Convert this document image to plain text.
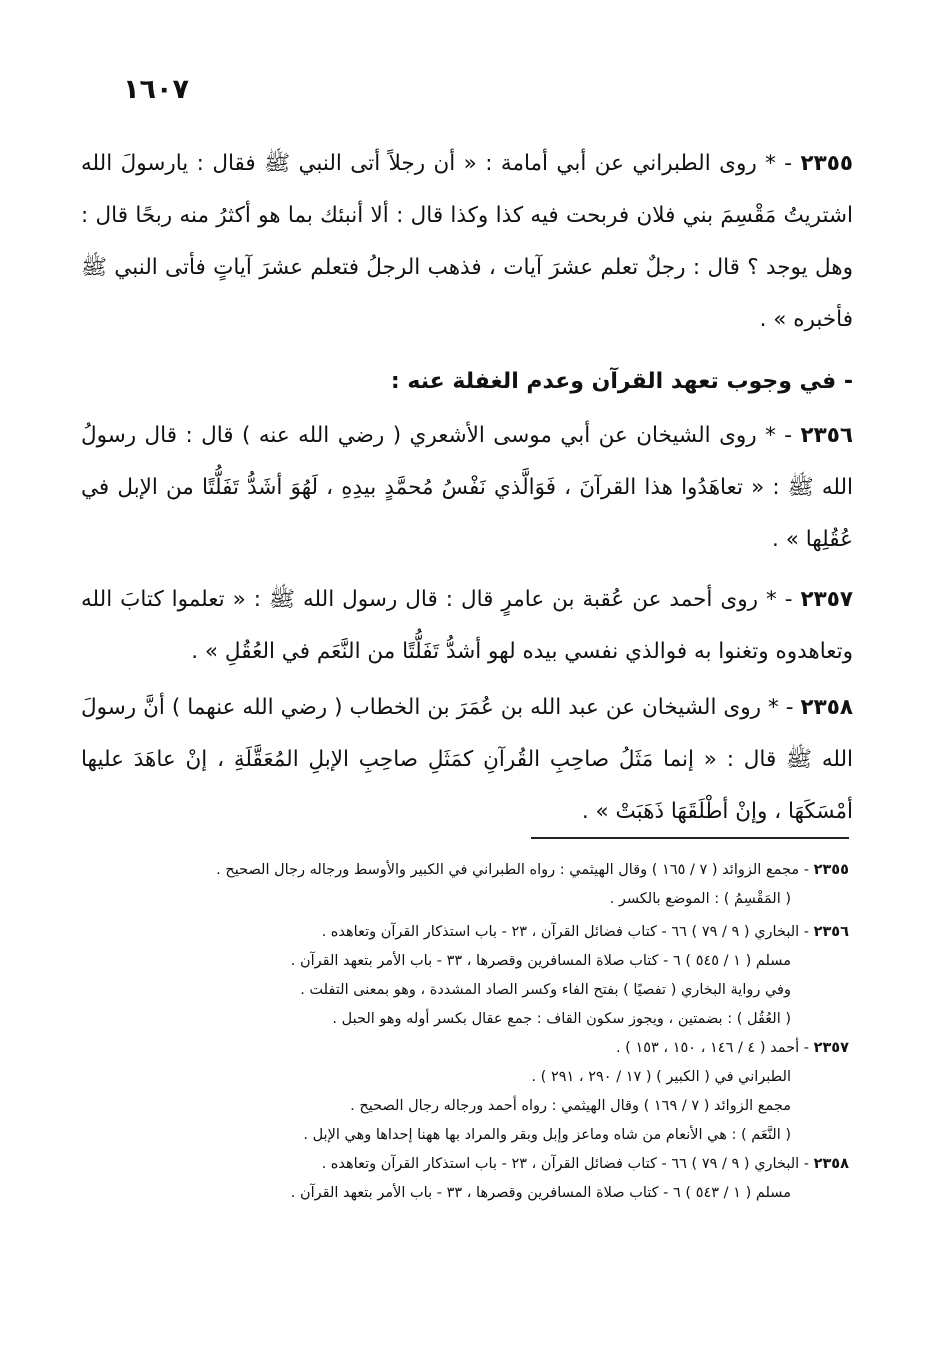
١٦٠٧

٢٣٥٥ - * روى الطبراني عن أبي أمامة : « أن رجلاً أتى النبي ﷺ فقال : يارسولَ الله اشتريتُ مَقْسِمَ بني فلان فربحت فيه كذا وكذا قال : ألا أنبئك بما هو أكثرُ منه ربحًا قال : وهل يوجد ؟ قال : رجلٌ تعلم عشرَ آيات ، فذهب الرجلُ فتعلم عشرَ آياتٍ فأتى النبي ﷺ فأخبره » .

- في وجوب تعهد القرآن وعدم الغفلة عنه :

٢٣٥٦ - * روى الشيخان عن أبي موسى الأشعري ( رضي الله عنه ) قال : قال رسولُ الله ﷺ : « تعاهَدُوا هذا القرآنَ ، فَوَالَّذي نَفْسُ مُحمَّدٍ بيدِهِ ، لَهُوَ أشَدُّ تَفَلُّتًا من الإبل في عُقُلِها » .

٢٣٥٧ - * روى أحمد عن عُقبة بن عامرٍ قال : قال رسول الله ﷺ : « تعلموا كتابَ الله وتعاهدوه وتغنوا به فوالذي نفسي بيده لهو أشدُّ تَفَلُّتًا من النَّعَم في العُقُلِ » .

٢٣٥٨ - * روى الشيخان عن عبد الله بن عُمَرَ بن الخطاب ( رضي الله عنهما ) أنَّ رسولَ الله ﷺ قال : « إنما مَثَلُ صاحِبِ القُرآنِ كمَثَلِ صاحِبِ الإبلِ المُعَقَّلَةِ ، إنْ عاهَدَ عليها أمْسَكَهَا ، وإنْ أطْلَقَهَا ذَهَبَتْ » .

٢٣٥٥ - مجمع الزوائد ( ٧ / ١٦٥ ) وقال الهيثمي : رواه الطبراني في الكبير والأوسط ورجاله رجال الصحيح .

( المَقْسِمُ ) : الموضع بالكسر .

٢٣٥٦ - البخاري ( ٩ / ٧٩ ) ٦٦ - كتاب فضائل القرآن ، ٢٣ - باب استذكار القرآن وتعاهده .

مسلم ( ١ / ٥٤٥ ) ٦ - كتاب صلاة المسافرين وقصرها ، ٣٣ - باب الأمر بتعهد القرآن .

وفي رواية البخاري ( تفصيًا ) بفتح الفاء وكسر الصاد المشددة ، وهو بمعنى التفلت .

( العُقُل ) : بضمتين ، ويجوز سكون القاف : جمع عقال بكسر أوله وهو الحبل .

٢٣٥٧ - أحمد ( ٤ / ١٤٦ ، ١٥٠ ، ١٥٣ ) .

الطبراني في ( الكبير ) ( ١٧ / ٢٩٠ ، ٢٩١ ) .

مجمع الزوائد ( ٧ / ١٦٩ ) وقال الهيثمي : رواه أحمد ورجاله رجال الصحيح .

( النَّعَم ) : هي الأنعام من شاه وماعز وإبل وبقر والمراد بها ههنا إحداها وهي الإبل .

٢٣٥٨ - البخاري ( ٩ / ٧٩ ) ٦٦ - كتاب فضائل القرآن ، ٢٣ - باب استذكار القرآن وتعاهده .

مسلم ( ١ / ٥٤٣ ) ٦ - كتاب صلاة المسافرين وقصرها ، ٣٣ - باب الأمر بتعهد القرآن .
